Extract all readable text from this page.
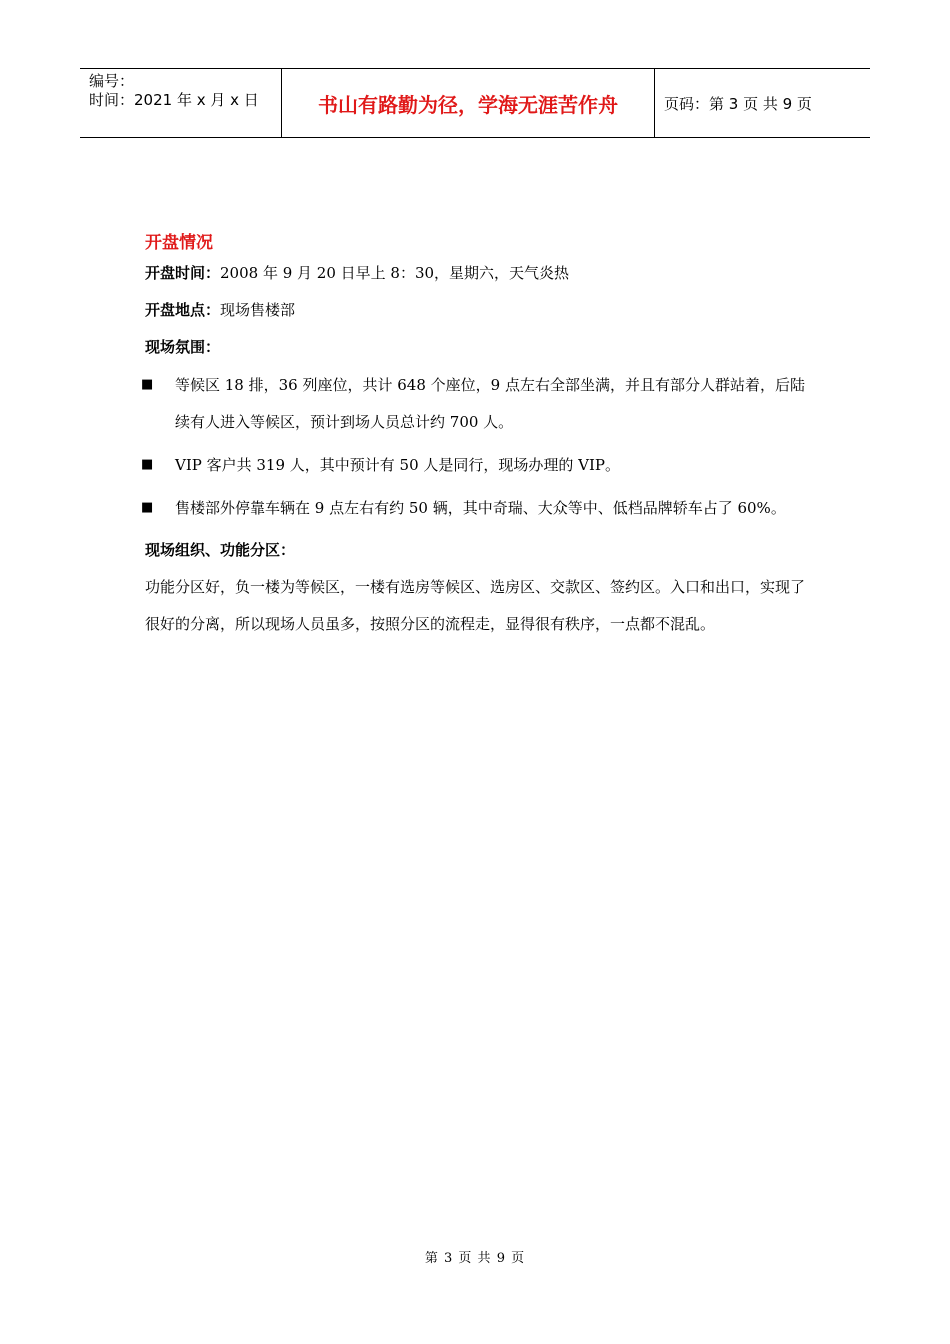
编号：
时间：2021 年 x 月 x 日	书山有路勤为径，学海无涯苦作舟	页码：第 3 页 共 9 页
开盘情况
开盘时间：2008 年 9 月 20 日早上 8：30，星期六，天气炎热
开盘地点：现场售楼部
现场氛围：
■	等候区 18 排，36 列座位，共计 648 个座位，9 点左右全部坐满，并且有部分人群站着，后陆续有人进入等候区，预计到场人员总计约 700 人。
■	VIP 客户共 319 人，其中预计有 50 人是同行，现场办理的 VIP。
■	售楼部外停靠车辆在 9 点左右有约 50 辆，其中奇瑞、大众等中、低档品牌轿车占了 60%。
现场组织、功能分区：
功能分区好，负一楼为等候区，一楼有选房等候区、选房区、交款区、签约区。入口和出口，实现了很好的分离，所以现场人员虽多，按照分区的流程走，显得很有秩序，一点都不混乱。
第 3 页 共 9 页
